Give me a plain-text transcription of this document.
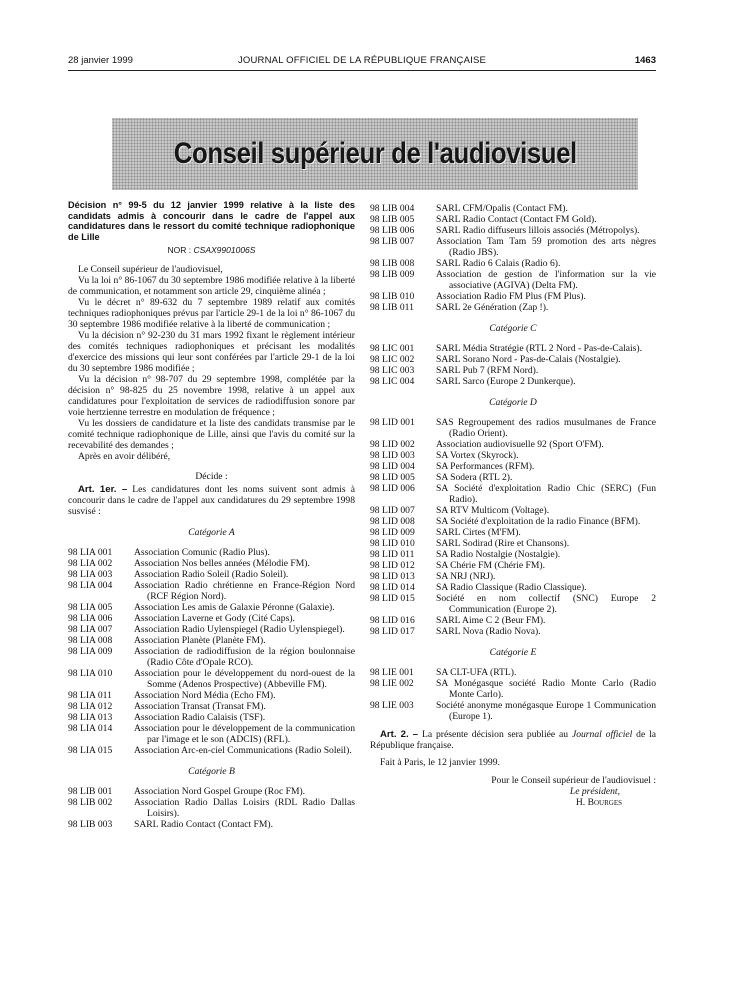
28 janvier 1999	JOURNAL OFFICIEL DE LA RÉPUBLIQUE FRANÇAISE	1463
Conseil supérieur de l'audiovisuel

Décision n° 99-5 du 12 janvier 1999 relative à la liste des candidats admis à concourir dans le cadre de l'appel aux candidatures dans le ressort du comité technique radiophonique de Lille

NOR : CSAX9901006S

Le Conseil supérieur de l'audiovisuel,

Vu la loi n° 86-1067 du 30 septembre 1986 modifiée relative à la liberté de communication, et notamment son article 29, cinquième alinéa ;

Vu le décret n° 89-632 du 7 septembre 1989 relatif aux comités techniques radiophoniques prévus par l'article 29-1 de la loi n° 86-1067 du 30 septembre 1986 modifiée relative à la liberté de communication ;

Vu la décision n° 92-230 du 31 mars 1992 fixant le règlement intérieur des comités techniques radiophoniques et précisant les modalités d'exercice des missions qui leur sont conférées par l'article 29-1 de la loi du 30 septembre 1986 modifiée ;

Vu la décision n° 98-707 du 29 septembre 1998, complétée par la décision n° 98-825 du 25 novembre 1998, relative à un appel aux candidatures pour l'exploitation de services de radiodiffusion sonore par voie hertzienne terrestre en modulation de fréquence ;

Vu les dossiers de candidature et la liste des candidats transmise par le comité technique radiophonique de Lille, ainsi que l'avis du comité sur la recevabilité des demandes ;

Après en avoir délibéré,

Décide :

Art. 1er. – Les candidatures dont les noms suivent sont admis à concourir dans le cadre de l'appel aux candidatures du 29 septembre 1998 susvisé :

Catégorie A

98 LIA 001	Association Comunic (Radio Plus).
98 LIA 002	Association Nos belles années (Mélodie FM).
98 LIA 003	Association Radio Soleil (Radio Soleil).
98 LIA 004	Association Radio chrétienne en France-Région Nord (RCF Région Nord).
98 LIA 005	Association Les amis de Galaxie Péronne (Galaxie).
98 LIA 006	Association Laverne et Gody (Cité Caps).
98 LIA 007	Association Radio Uylenspiegel (Radio Uylenspiegel).
98 LIA 008	Association Planète (Planète FM).
98 LIA 009	Association de radiodiffusion de la région boulonnaise (Radio Côte d'Opale RCO).
98 LIA 010	Association pour le développement du nord-ouest de la Somme (Adenos Prospective) (Abbeville FM).
98 LIA 011	Association Nord Média (Echo FM).
98 LIA 012	Association Transat (Transat FM).
98 LIA 013	Association Radio Calaisis (TSF).
98 LIA 014	Association pour le développement de la communication par l'image et le son (ADCIS) (RFL).
98 LIA 015	Association Arc-en-ciel Communications (Radio Soleil).

Catégorie B

98 LIB 001	Association Nord Gospel Groupe (Roc FM).
98 LIB 002	Association Radio Dallas Loisirs (RDL Radio Dallas Loisirs).
98 LIB 003	SARL Radio Contact (Contact FM).
98 LIB 004	SARL CFM/Opalis (Contact FM).
98 LIB 005	SARL Radio Contact (Contact FM Gold).
98 LIB 006	SARL Radio diffuseurs lillois associés (Métropolys).
98 LIB 007	Association Tam Tam 59 promotion des arts nègres (Radio JBS).
98 LIB 008	SARL Radio 6 Calais (Radio 6).
98 LIB 009	Association de gestion de l'information sur la vie associative (AGIVA) (Delta FM).
98 LIB 010	Association Radio FM Plus (FM Plus).
98 LIB 011	SARL 2e Génération (Zap !).

Catégorie C

98 LIC 001	SARL Média Stratégie (RTL 2 Nord - Pas-de-Calais).
98 LIC 002	SARL Sorano Nord - Pas-de-Calais (Nostalgie).
98 LIC 003	SARL Pub 7 (RFM Nord).
98 LIC 004	SARL Sarco (Europe 2 Dunkerque).

Catégorie D

98 LID 001	SAS Regroupement des radios musulmanes de France (Radio Orient).
98 LID 002	Association audiovisuelle 92 (Sport O'FM).
98 LID 003	SA Vortex (Skyrock).
98 LID 004	SA Performances (RFM).
98 LID 005	SA Sodera (RTL 2).
98 LID 006	SA Société d'exploitation Radio Chic (SERC) (Fun Radio).
98 LID 007	SA RTV Multicom (Voltage).
98 LID 008	SA Société d'exploitation de la radio Finance (BFM).
98 LID 009	SARL Cirtes (M'FM).
98 LID 010	SARL Sodirad (Rire et Chansons).
98 LID 011	SA Radio Nostalgie (Nostalgie).
98 LID 012	SA Chérie FM (Chérie FM).
98 LID 013	SA NRJ (NRJ).
98 LID 014	SA Radio Classique (Radio Classique).
98 LID 015	Société en nom collectif (SNC) Europe 2 Communication (Europe 2).
98 LID 016	SARL Aime C 2 (Beur FM).
98 LID 017	SARL Nova (Radio Nova).

Catégorie E

98 LIE 001	SA CLT-UFA (RTL).
98 LIE 002	SA Monégasque société Radio Monte Carlo (Radio Monte Carlo).
98 LIE 003	Société anonyme monégasque Europe 1 Communication (Europe 1).

Art. 2. – La présente décision sera publiée au Journal officiel de la République française.

Fait à Paris, le 12 janvier 1999.

Pour le Conseil supérieur de l'audiovisuel :
Le président,
H. Bourges
